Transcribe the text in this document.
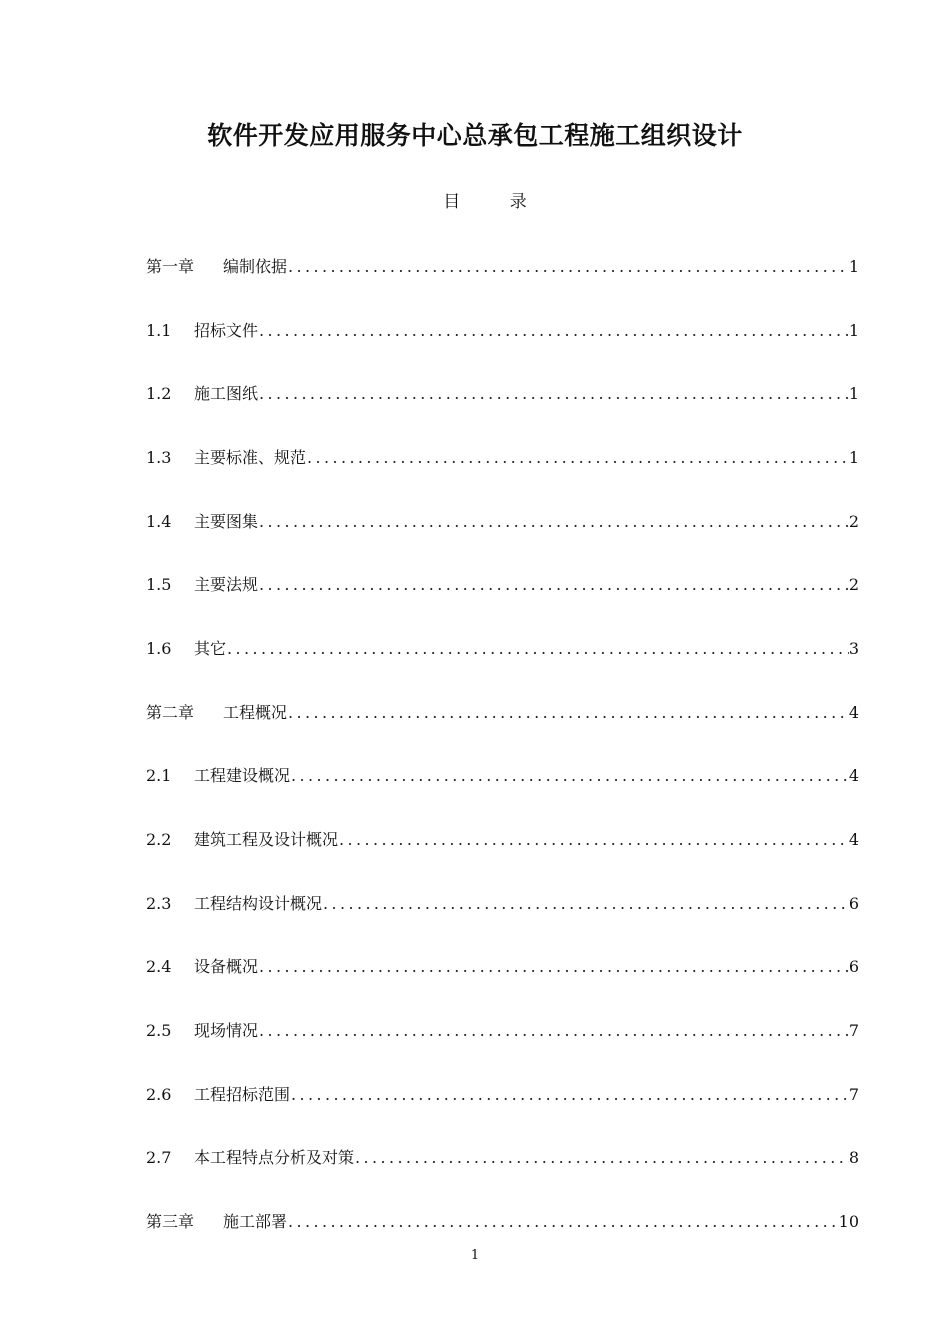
软件开发应用服务中心总承包工程施工组织设计
目 录
第一章	编制依据 .....	1
1.1	招标文件 .....	1
1.2	施工图纸 .....	1
1.3	主要标准、规范 .....	1
1.4	主要图集 .....	2
1.5	主要法规 .....	2
1.6	其它 .....	3
第二章	工程概况 .....	4
2.1	工程建设概况 .....	4
2.2	建筑工程及设计概况 .....	4
2.3	工程结构设计概况 .....	6
2.4	设备概况 .....	6
2.5	现场情况 .....	7
2.6	工程招标范围 .....	7
2.7	本工程特点分析及对策 .....	8
第三章	施工部署 .....	10
1
